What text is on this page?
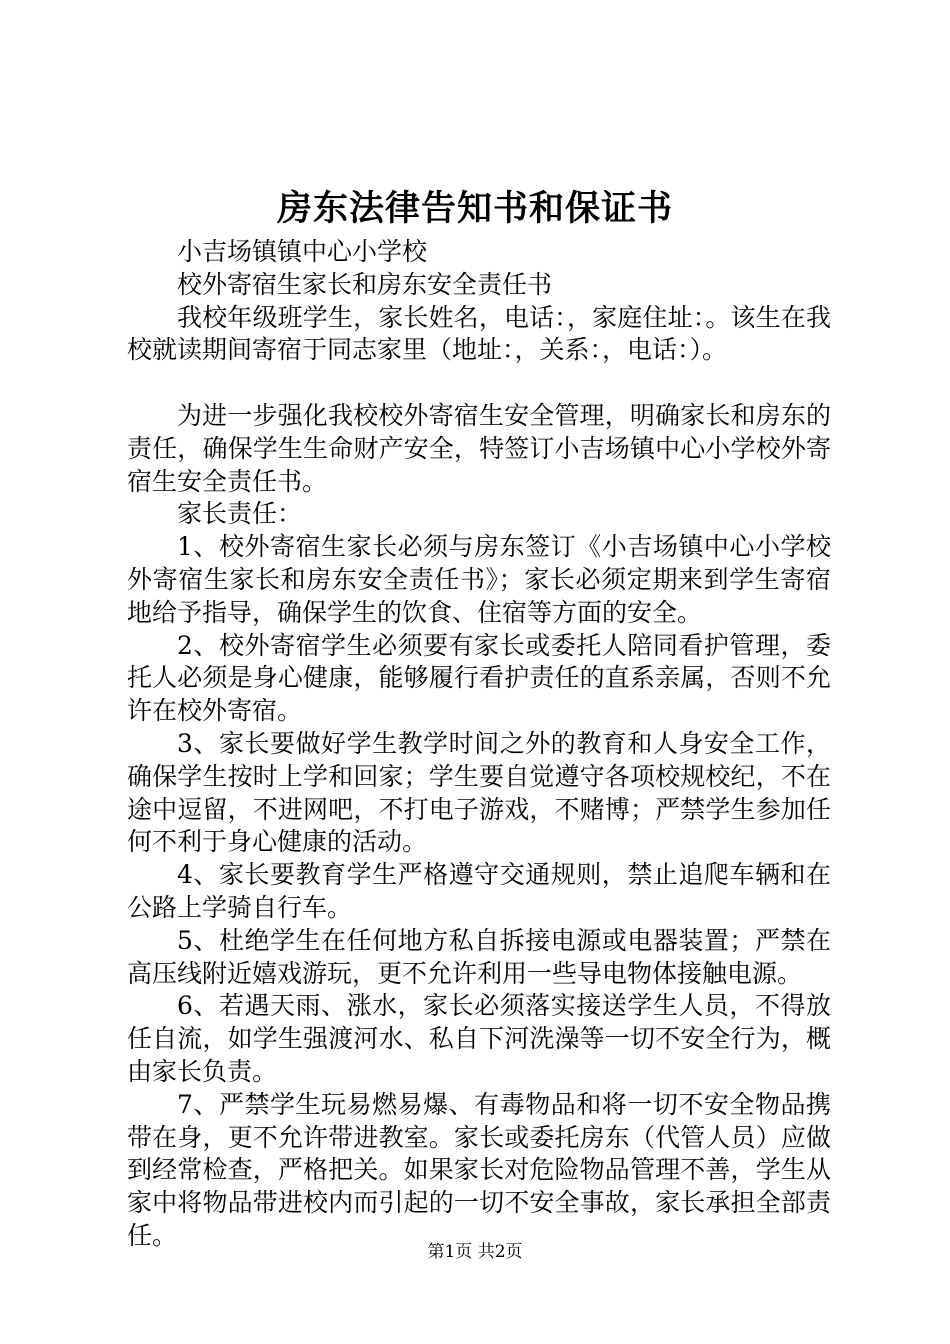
房东法律告知书和保证书

小吉场镇镇中心小学校

校外寄宿生家长和房东安全责任书

我校年级班学生，家长姓名，电话：，家庭住址：。该生在我校就读期间寄宿于同志家里（地址：，关系：，电话：）。

为进一步强化我校校外寄宿生安全管理，明确家长和房东的责任，确保学生生命财产安全，特签订小吉场镇中心小学校外寄宿生安全责任书。

家长责任：

1、校外寄宿生家长必须与房东签订《小吉场镇中心小学校外寄宿生家长和房东安全责任书》；家长必须定期来到学生寄宿地给予指导，确保学生的饮食、住宿等方面的安全。

2、校外寄宿学生必须要有家长或委托人陪同看护管理，委托人必须是身心健康，能够履行看护责任的直系亲属，否则不允许在校外寄宿。

3、家长要做好学生教学时间之外的教育和人身安全工作，确保学生按时上学和回家；学生要自觉遵守各项校规校纪，不在途中逗留，不进网吧，不打电子游戏，不赌博；严禁学生参加任何不利于身心健康的活动。

4、家长要教育学生严格遵守交通规则，禁止追爬车辆和在公路上学骑自行车。

5、杜绝学生在任何地方私自拆接电源或电器装置；严禁在高压线附近嬉戏游玩，更不允许利用一些导电物体接触电源。

6、若遇天雨、涨水，家长必须落实接送学生人员，不得放任自流，如学生强渡河水、私自下河洗澡等一切不安全行为，概由家长负责。

7、严禁学生玩易燃易爆、有毒物品和将一切不安全物品携带在身，更不允许带进教室。家长或委托房东（代管人员）应做到经常检查，严格把关。如果家长对危险物品管理不善，学生从家中将物品带进校内而引起的一切不安全事故，家长承担全部责任。

第1页 共2页
